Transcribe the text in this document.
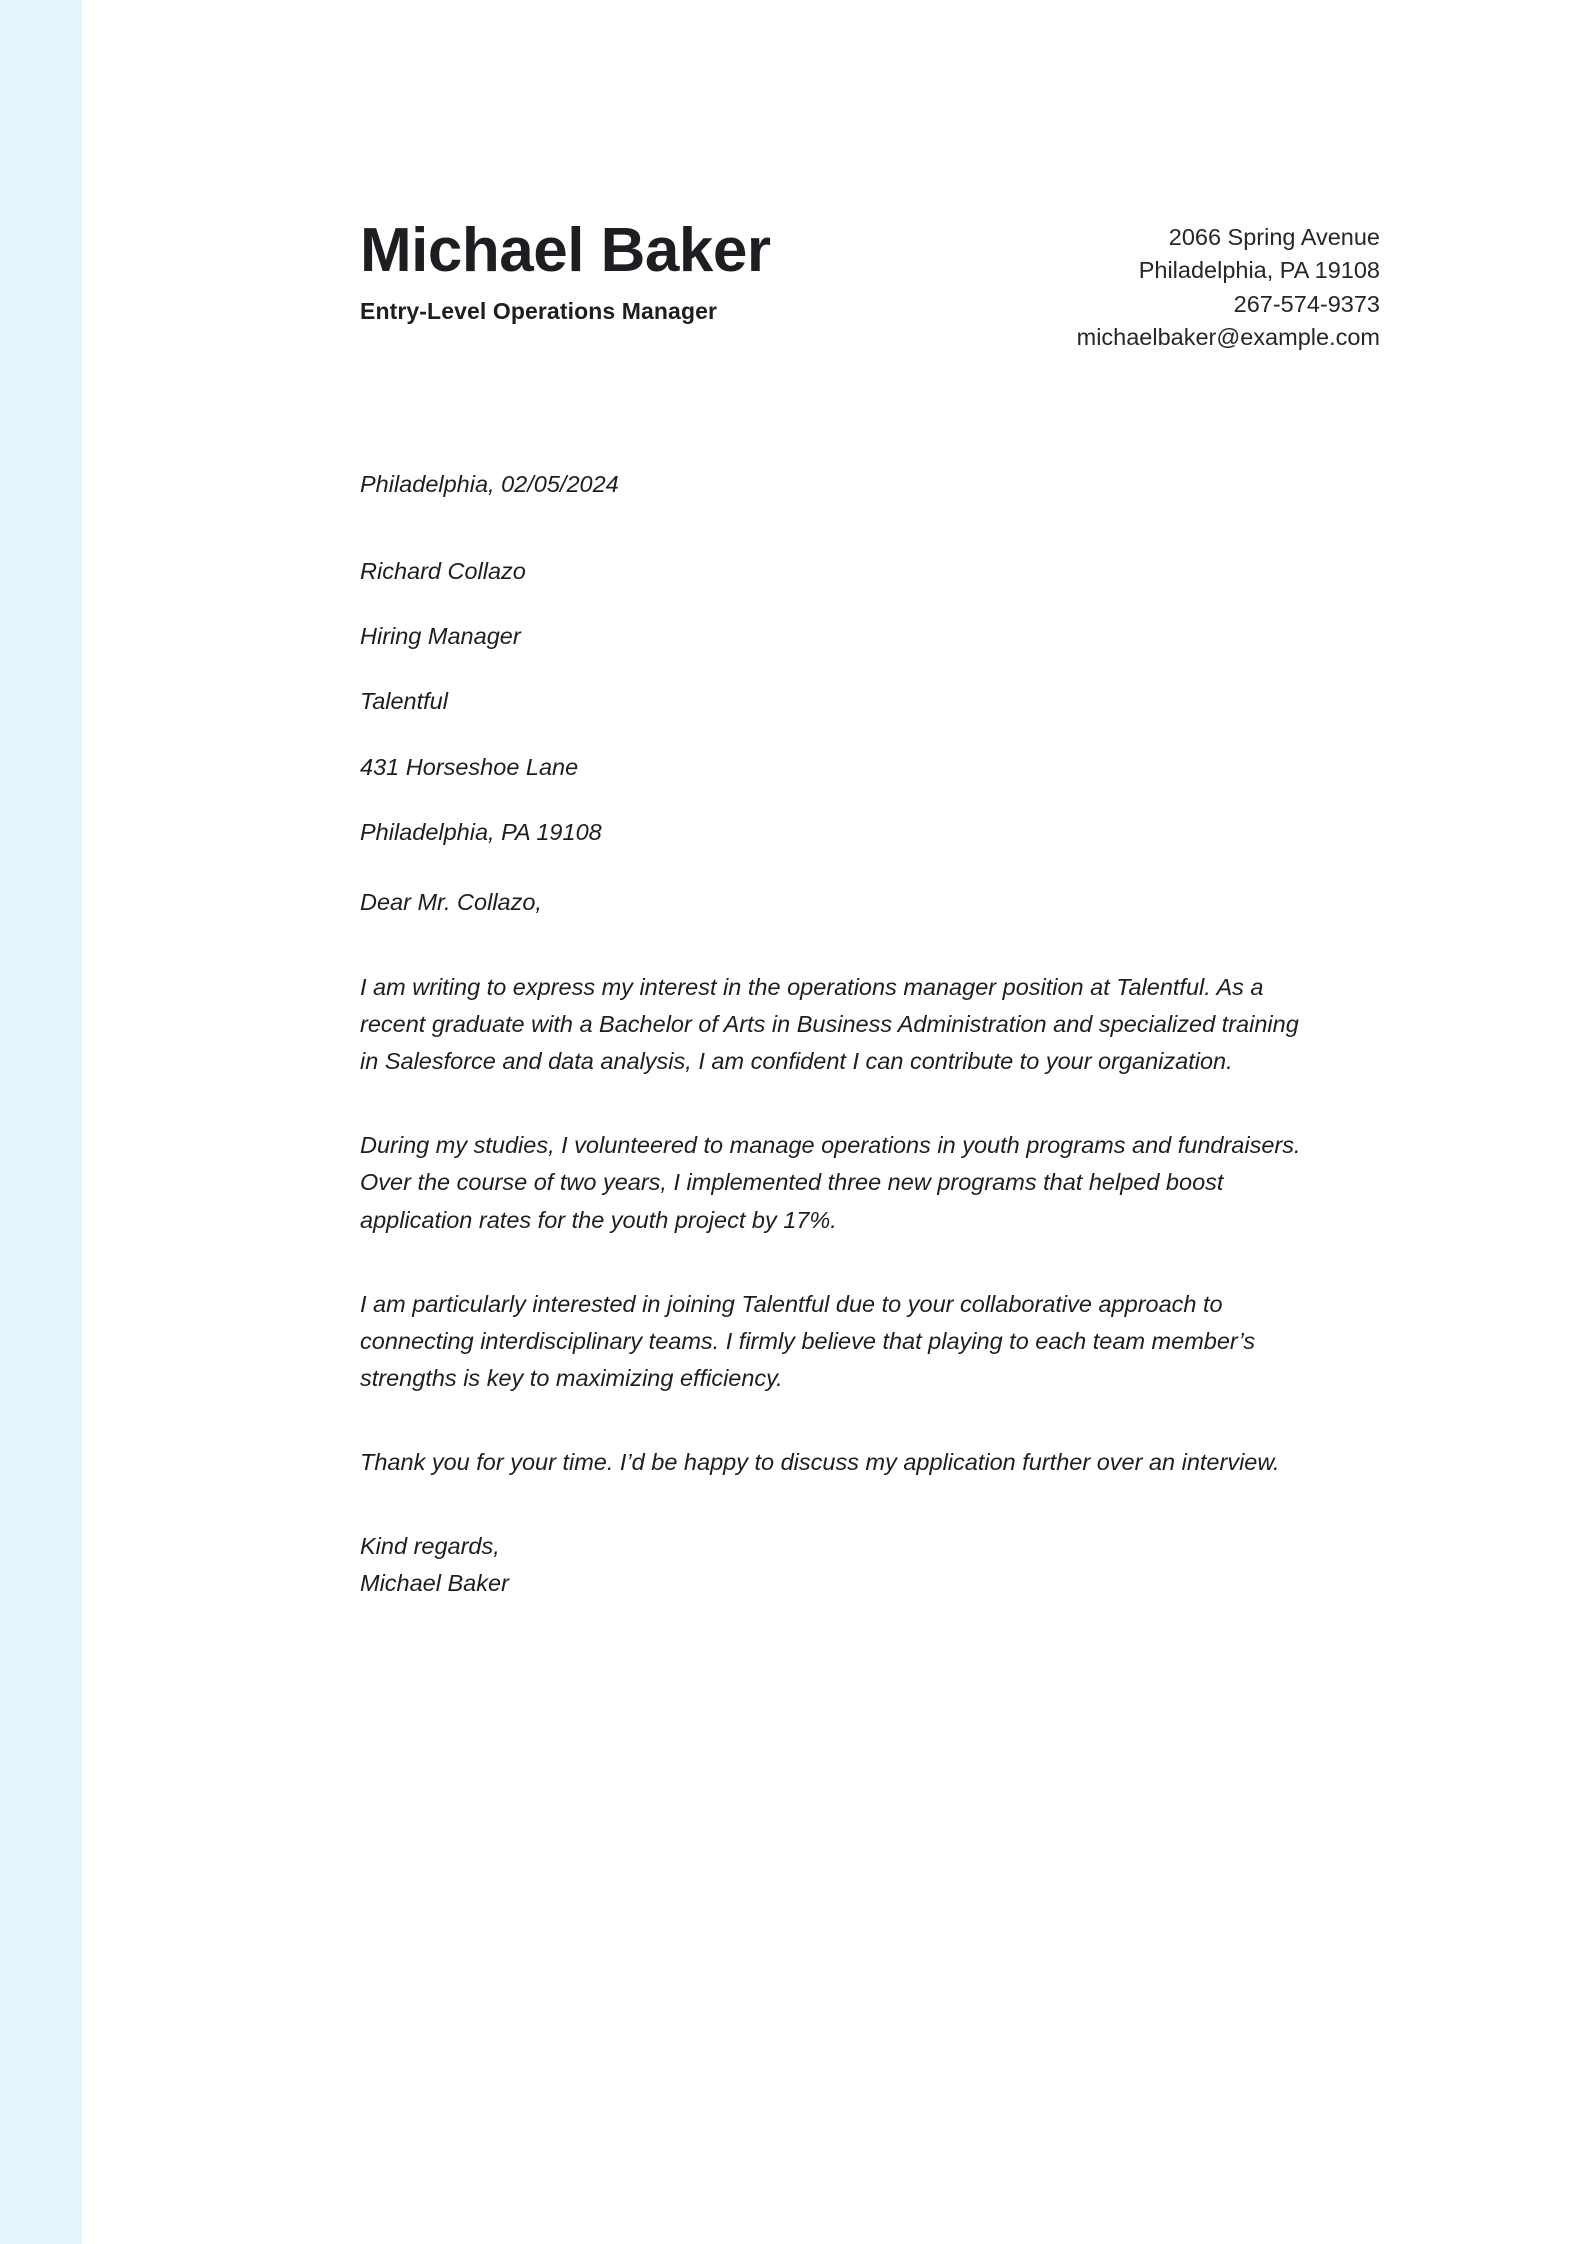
Michael Baker
Entry-Level Operations Manager
2066 Spring Avenue
Philadelphia, PA 19108
267-574-9373
michaelbaker@example.com
Philadelphia, 02/05/2024
Richard Collazo
Hiring Manager
Talentful
431 Horseshoe Lane
Philadelphia, PA 19108
Dear Mr. Collazo,
I am writing to express my interest in the operations manager position at Talentful. As a recent graduate with a Bachelor of Arts in Business Administration and specialized training in Salesforce and data analysis, I am confident I can contribute to your organization.
During my studies, I volunteered to manage operations in youth programs and fundraisers. Over the course of two years, I implemented three new programs that helped boost application rates for the youth project by 17%.
I am particularly interested in joining Talentful due to your collaborative approach to connecting interdisciplinary teams. I firmly believe that playing to each team member’s strengths is key to maximizing efficiency.
Thank you for your time. I’d be happy to discuss my application further over an interview.
Kind regards,
Michael Baker
